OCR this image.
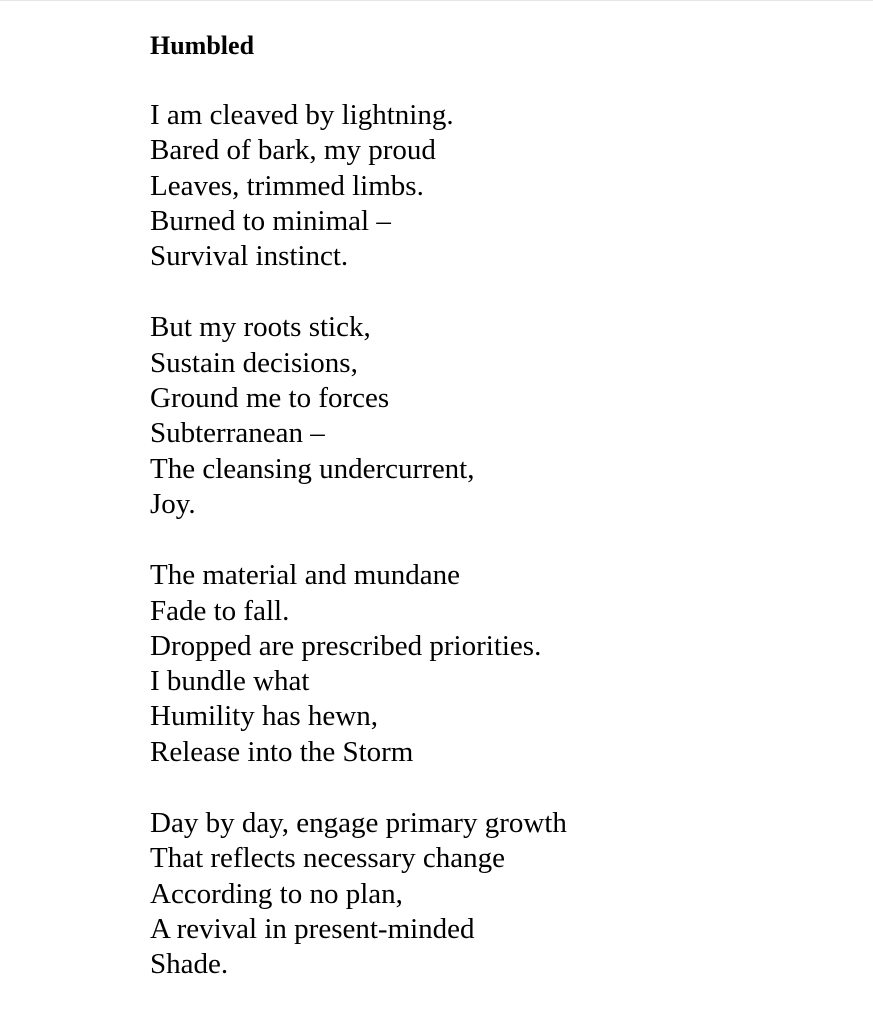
Humbled
I am cleaved by lightning.
Bared of bark, my proud
Leaves, trimmed limbs.
Burned to minimal –
Survival instinct.
But my roots stick,
Sustain decisions,
Ground me to forces
Subterranean –
The cleansing undercurrent,
Joy.
The material and mundane
Fade to fall.
Dropped are prescribed priorities.
I bundle what
Humility has hewn,
Release into the Storm
Day by day, engage primary growth
That reflects necessary change
According to no plan,
A revival in present-minded
Shade.
